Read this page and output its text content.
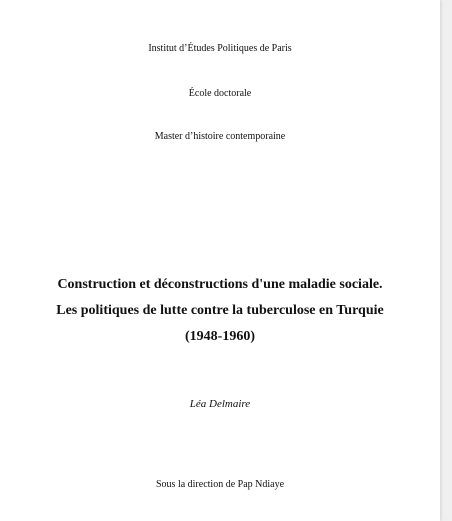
Institut d’Études Politiques de Paris

École doctorale

Master d’histoire contemporaine

Construction et déconstructions d'une maladie sociale.
Les politiques de lutte contre la tuberculose en Turquie
(1948-1960)

Léa Delmaire

Sous la direction de Pap Ndiaye
